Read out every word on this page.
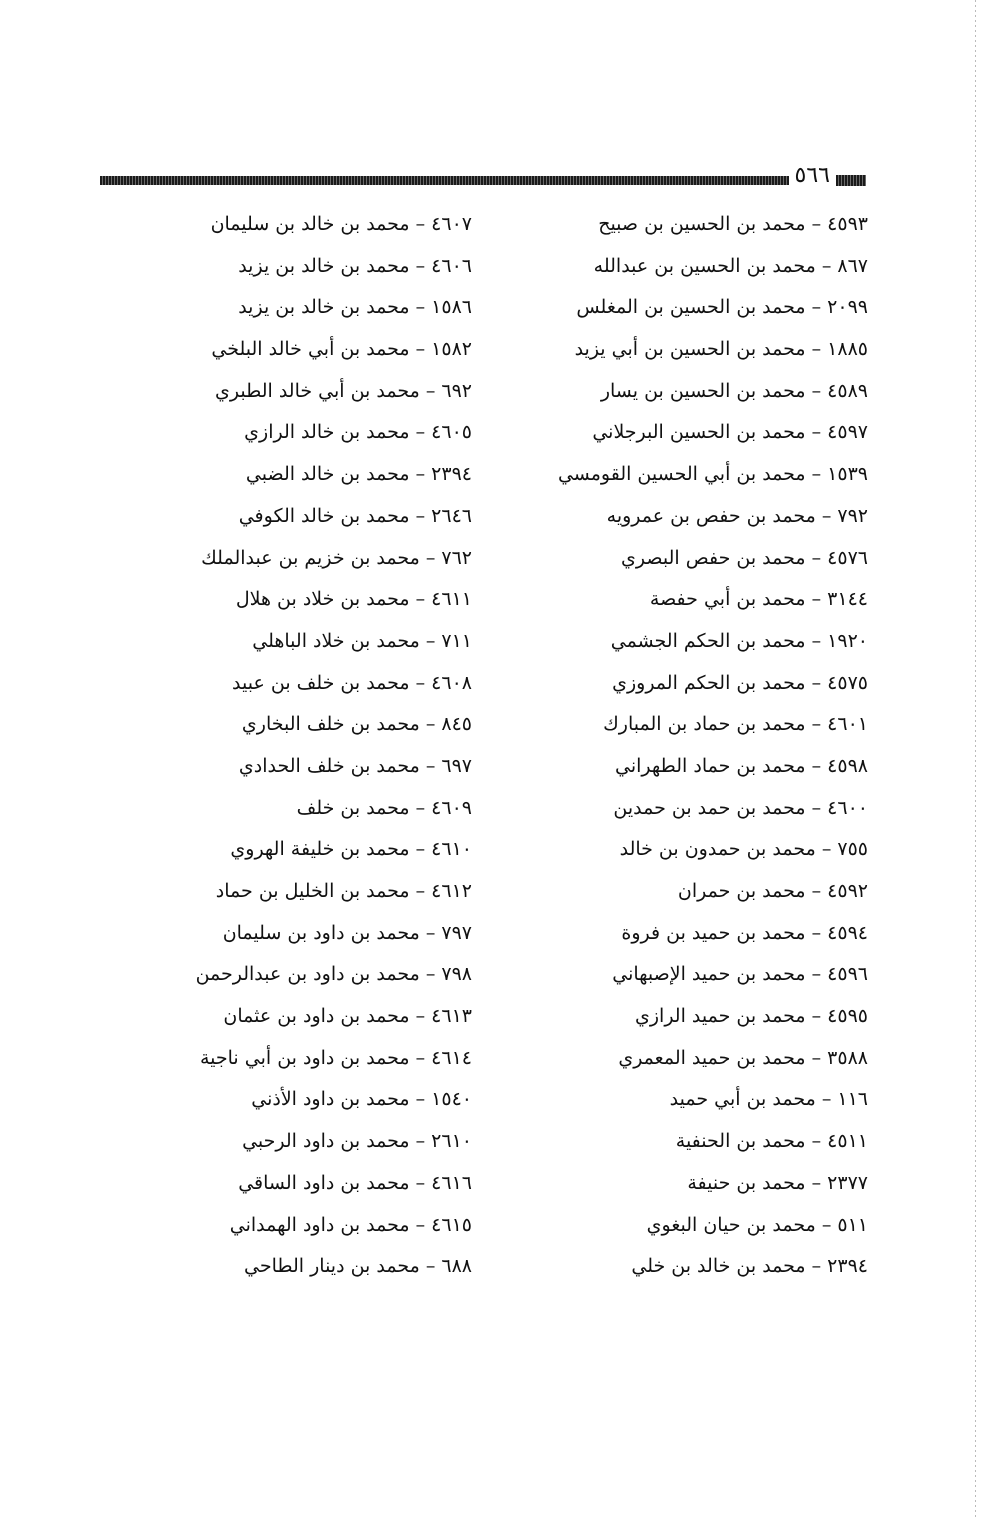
٥٦٦
٤٥٩٣ – محمد بن الحسين بن صبيح
٨٦٧ – محمد بن الحسين بن عبدالله
٢٠٩٩ – محمد بن الحسين بن المغلس
١٨٨٥ – محمد بن الحسين بن أبي يزيد
٤٥٨٩ – محمد بن الحسين بن يسار
٤٥٩٧ – محمد بن الحسين البرجلاني
١٥٣٩ – محمد بن أبي الحسين القومسي
٧٩٢ – محمد بن حفص بن عمرويه
٤٥٧٦ – محمد بن حفص البصري
٣١٤٤ – محمد بن أبي حفصة
١٩٢٠ – محمد بن الحكم الجشمي
٤٥٧٥ – محمد بن الحكم المروزي
٤٦٠١ – محمد بن حماد بن المبارك
٤٥٩٨ – محمد بن حماد الطهراني
٤٦٠٠ – محمد بن حمد بن حمدين
٧٥٥ – محمد بن حمدون بن خالد
٤٥٩٢ – محمد بن حمران
٤٥٩٤ – محمد بن حميد بن فروة
٤٥٩٦ – محمد بن حميد الإصبهاني
٤٥٩٥ – محمد بن حميد الرازي
٣٥٨٨ – محمد بن حميد المعمري
١١٦ – محمد بن أبي حميد
٤٥١١ – محمد بن الحنفية
٢٣٧٧ – محمد بن حنيفة
٥١١ – محمد بن حيان البغوي
٢٣٩٤ – محمد بن خالد بن خلي
٤٦٠٧ – محمد بن خالد بن سليمان
٤٦٠٦ – محمد بن خالد بن يزيد
١٥٨٦ – محمد بن خالد بن يزيد
١٥٨٢ – محمد بن أبي خالد البلخي
٦٩٢ – محمد بن أبي خالد الطبري
٤٦٠٥ – محمد بن خالد الرازي
٢٣٩٤ – محمد بن خالد الضبي
٢٦٤٦ – محمد بن خالد الكوفي
٧٦٢ – محمد بن خزيم بن عبدالملك
٤٦١١ – محمد بن خلاد بن هلال
٧١١ – محمد بن خلاد الباهلي
٤٦٠٨ – محمد بن خلف بن عبيد
٨٤٥ – محمد بن خلف البخاري
٦٩٧ – محمد بن خلف الحدادي
٤٦٠٩ – محمد بن خلف
٤٦١٠ – محمد بن خليفة الهروي
٤٦١٢ – محمد بن الخليل بن حماد
٧٩٧ – محمد بن داود بن سليمان
٧٩٨ – محمد بن داود بن عبدالرحمن
٤٦١٣ – محمد بن داود بن عثمان
٤٦١٤ – محمد بن داود بن أبي ناجية
١٥٤٠ – محمد بن داود الأذني
٢٦١٠ – محمد بن داود الرحبي
٤٦١٦ – محمد بن داود الساقي
٤٦١٥ – محمد بن داود الهمداني
٦٨٨ – محمد بن دينار الطاحي
